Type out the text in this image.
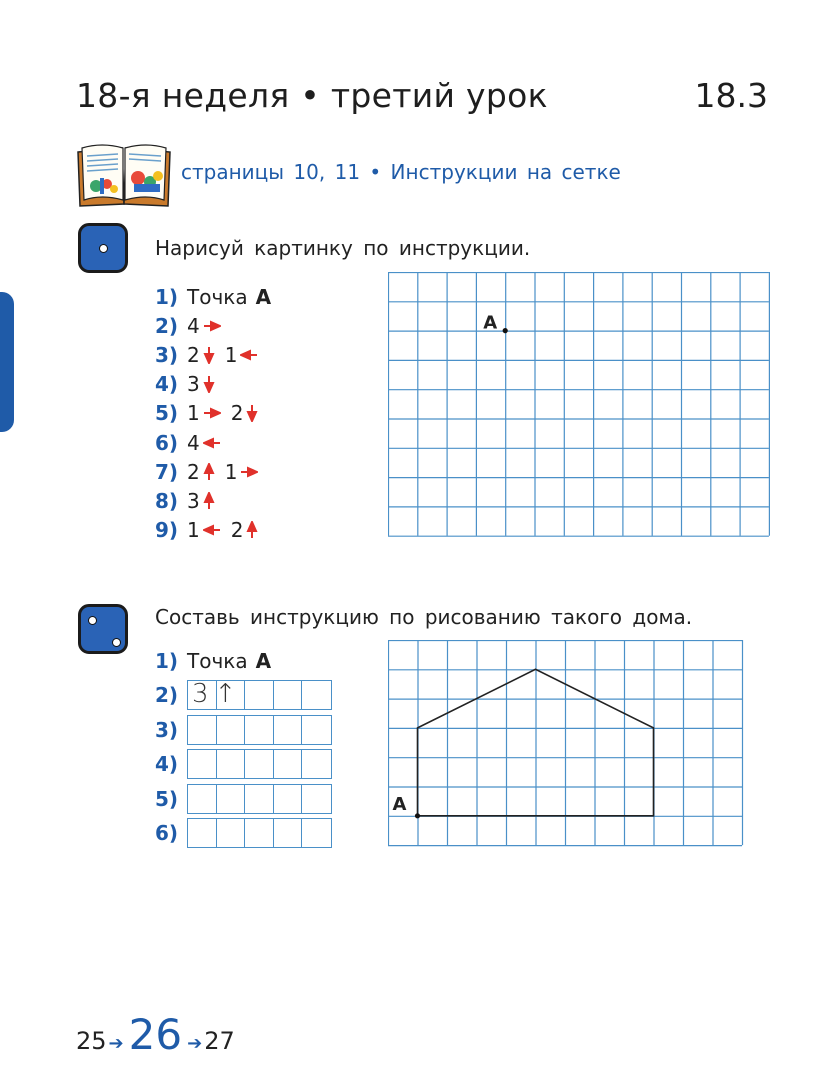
18-я неделя • третий урок	18.3
страницы 10, 11 • Инструкции на сетке
Нарисуй картинку по инструкции.
1) Точка A
2) 4
3) 2 1
4) 3
5) 1 2
6) 4
7) 2 1
8) 3
9) 1 2
A
Составь инструкцию по рисованию такого дома.
1) Точка A
2) 3↑
3)
4)
5)
6)
A
25 ➔ 26 ➔ 27
